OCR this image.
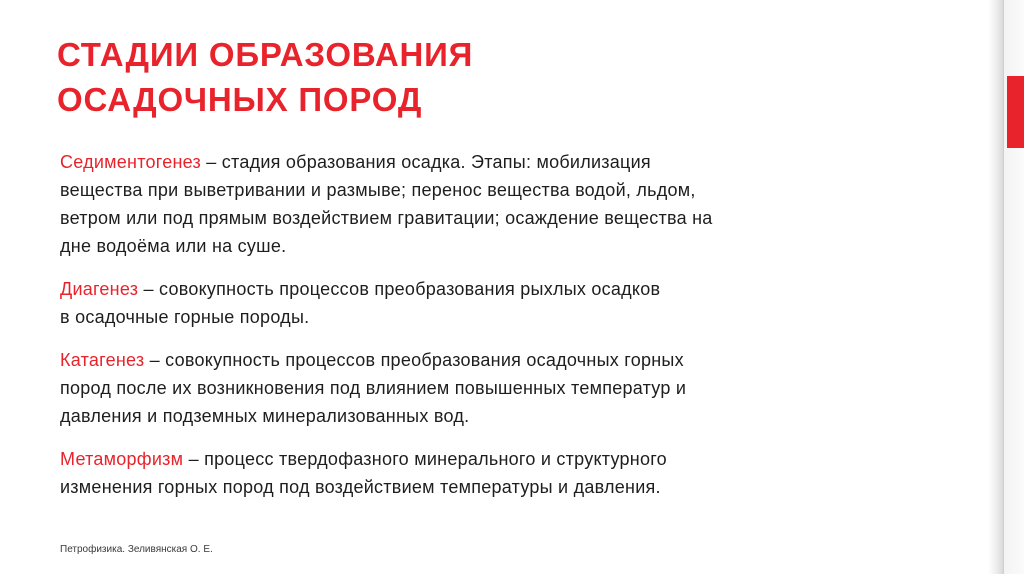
СТАДИИ ОБРАЗОВАНИЯ
ОСАДОЧНЫХ ПОРОД

Седиментогенез – стадия образования осадка. Этапы: мобилизация
вещества при выветривании и размыве; перенос вещества водой, льдом,
ветром или под прямым воздействием гравитации; осаждение вещества на
дне водоёма или на суше.

Диагенез – совокупность процессов преобразования рыхлых осадков
в осадочные горные породы.

Катагенез – совокупность процессов преобразования осадочных горных
пород после их возникновения под влиянием повышенных температур и
давления и подземных минерализованных вод.

Метаморфизм – процесс твердофазного минерального и структурного
изменения горных пород под воздействием температуры и давления.

Петрофизика. Зеливянская О. Е.
